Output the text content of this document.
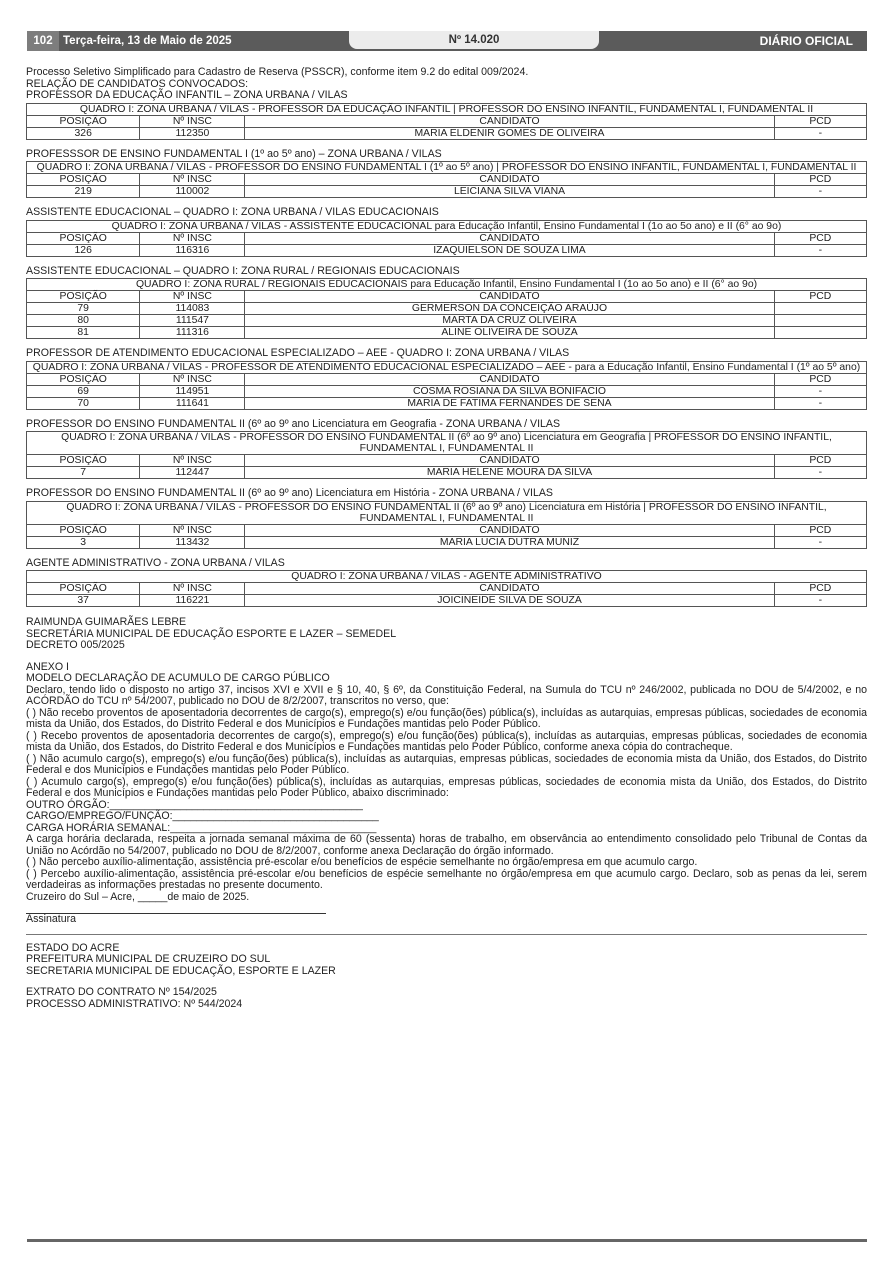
102 Terça-feira, 13 de Maio de 2025	Nº 14.020	DIÁRIO OFICIAL

Processo Seletivo Simplificado para Cadastro de Reserva (PSSCR), conforme item 9.2 do edital 009/2024.

RELAÇÃO DE CANDIDATOS CONVOCADOS:

PROFESSOR DA EDUCAÇÃO INFANTIL – ZONA URBANA / VILAS

QUADRO I: ZONA URBANA / VILAS - PROFESSOR DA EDUCAÇÃO INFANTIL | PROFESSOR DO ENSINO INFANTIL, FUNDAMENTAL I, FUNDAMENTAL II			
POSIÇÃO	Nº INSC	CANDIDATO	PCD
326	112350	MARIA ELDENIR GOMES DE OLIVEIRA	-

PROFESSSOR DE ENSINO FUNDAMENTAL I (1º ao 5º ano) – ZONA URBANA / VILAS

QUADRO I: ZONA URBANA / VILAS - PROFESSOR DO ENSINO FUNDAMENTAL I (1º ao 5º ano) | PROFESSOR DO ENSINO INFANTIL, FUNDAMENTAL I, FUNDAMENTAL II			
POSIÇÃO	Nº INSC	CANDIDATO	PCD
219	110002	LEICIANA SILVA VIANA	-

ASSISTENTE EDUCACIONAL – QUADRO I: ZONA URBANA / VILAS EDUCACIONAIS

QUADRO I: ZONA URBANA / VILAS - ASSISTENTE EDUCACIONAL para Educação Infantil, Ensino Fundamental I (1o ao 5o ano) e II (6° ao 9o)			
POSIÇÃO	Nº INSC	CANDIDATO	PCD
126	116316	IZAQUIELSON DE SOUZA LIMA	-

ASSISTENTE EDUCACIONAL – QUADRO I: ZONA RURAL / REGIONAIS EDUCACIONAIS

QUADRO I: ZONA RURAL / REGIONAIS EDUCACIONAIS para Educação Infantil, Ensino Fundamental I (1o ao 5o ano) e II (6° ao 9o)			
POSIÇÃO	Nº INSC	CANDIDATO	PCD
79	114083	GERMERSON DA CONCEIÇÃO ARAÚJO	
80	111547	MARTA DA CRUZ OLIVEIRA	
81	111316	ALINE OLIVEIRA DE SOUZA	

PROFESSOR DE ATENDIMENTO EDUCACIONAL ESPECIALIZADO – AEE - QUADRO I: ZONA URBANA / VILAS

QUADRO I: ZONA URBANA / VILAS - PROFESSOR DE ATENDIMENTO EDUCACIONAL ESPECIALIZADO – AEE - para a Educação Infantil, Ensino Fundamental I (1º ao 5º ano)			
POSIÇÃO	Nº INSC	CANDIDATO	PCD
69	114951	COSMA ROSIANA DA SILVA BONIFACIO	-
70	111641	MARIA DE FATIMA FERNANDES DE SENA	-

PROFESSOR DO ENSINO FUNDAMENTAL II (6º ao 9º ano Licenciatura em Geografia - ZONA URBANA / VILAS

QUADRO I: ZONA URBANA / VILAS - PROFESSOR DO ENSINO FUNDAMENTAL II (6º ao 9º ano) Licenciatura em Geografia | PROFESSOR DO ENSINO INFANTIL, FUNDAMENTAL I, FUNDAMENTAL II			
POSIÇÃO	Nº INSC	CANDIDATO	PCD
7	112447	MARIA HELENE MOURA DA SILVA	-

PROFESSOR DO ENSINO FUNDAMENTAL II (6º ao 9º ano) Licenciatura em História - ZONA URBANA / VILAS

QUADRO I: ZONA URBANA / VILAS - PROFESSOR DO ENSINO FUNDAMENTAL II (6º ao 9º ano) Licenciatura em História | PROFESSOR DO ENSINO INFANTIL, FUNDAMENTAL I, FUNDAMENTAL II			
POSIÇÃO	Nº INSC	CANDIDATO	PCD
3	113432	MARIA LUCIA DUTRA MUNIZ	-

AGENTE ADMINISTRATIVO - ZONA URBANA / VILAS

QUADRO I: ZONA URBANA / VILAS - AGENTE ADMINISTRATIVO			
POSIÇÃO	Nº INSC	CANDIDATO	PCD
37	116221	JOICINEIDE SILVA DE SOUZA	-

RAIMUNDA GUIMARÃES LEBRE

SECRETÁRIA MUNICIPAL DE EDUCAÇÃO ESPORTE E LAZER – SEMEDEL

DECRETO 005/2025

ANEXO I

MODELO DECLARAÇÃO DE ACUMULO DE CARGO PÚBLICO

Declaro, tendo lido o disposto no artigo 37, incisos XVI e XVII e § 10, 40, § 6º, da Constituição Federal, na Sumula do TCU nº 246/2002, publicada no DOU de 5/4/2002, e no ACÓRDÃO do TCU nº 54/2007, publicado no DOU de 8/2/2007, transcritos no verso, que:

( ) Não recebo proventos de aposentadoria decorrentes de cargo(s), emprego(s) e/ou função(ões) pública(s), incluídas as autarquias, empresas públicas, sociedades de economia mista da União, dos Estados, do Distrito Federal e dos Municípios e Fundações mantidas pelo Poder Público.

( ) Recebo proventos de aposentadoria decorrentes de cargo(s), emprego(s) e/ou função(ões) pública(s), incluídas as autarquias, empresas públicas, sociedades de economia mista da União, dos Estados, do Distrito Federal e dos Municípios e Fundações mantidas pelo Poder Público, conforme anexa cópia do contracheque.

( ) Não acumulo cargo(s), emprego(s) e/ou função(ões) pública(s), incluídas as autarquias, empresas públicas, sociedades de economia mista da União, dos Estados, do Distrito Federal e dos Municípios e Fundações mantidas pelo Poder Público.

( ) Acumulo cargo(s), emprego(s) e/ou função(ões) pública(s), incluídas as autarquias, empresas públicas, sociedades de economia mista da União, dos Estados, do Distrito Federal e dos Municípios e Fundações mantidas pelo Poder Público, abaixo discriminado:

OUTRO ÓRGÃO:___________________________________________

CARGO/EMPREGO/FUNÇÃO:___________________________________

CARGA HORÁRIA SEMANAL:___________________________________

A carga horária declarada, respeita a jornada semanal máxima de 60 (sessenta) horas de trabalho, em observância ao entendimento consolidado pelo Tribunal de Contas da União no Acórdão no 54/2007, publicado no DOU de 8/2/2007, conforme anexa Declaração do órgão informado.

( ) Não percebo auxílio-alimentação, assistência pré-escolar e/ou benefícios de espécie semelhante no órgão/empresa em que acumulo cargo.

( ) Percebo auxílio-alimentação, assistência pré-escolar e/ou benefícios de espécie semelhante no órgão/empresa em que acumulo cargo. Declaro, sob as penas da lei, serem verdadeiras as informações prestadas no presente documento.

Cruzeiro do Sul – Acre, _____de maio de 2025.

Assinatura

ESTADO DO ACRE

PREFEITURA MUNICIPAL DE CRUZEIRO DO SUL

SECRETARIA MUNICIPAL DE EDUCAÇÃO, ESPORTE E LAZER

EXTRATO DO CONTRATO Nº 154/2025

PROCESSO ADMINISTRATIVO: Nº 544/2024
